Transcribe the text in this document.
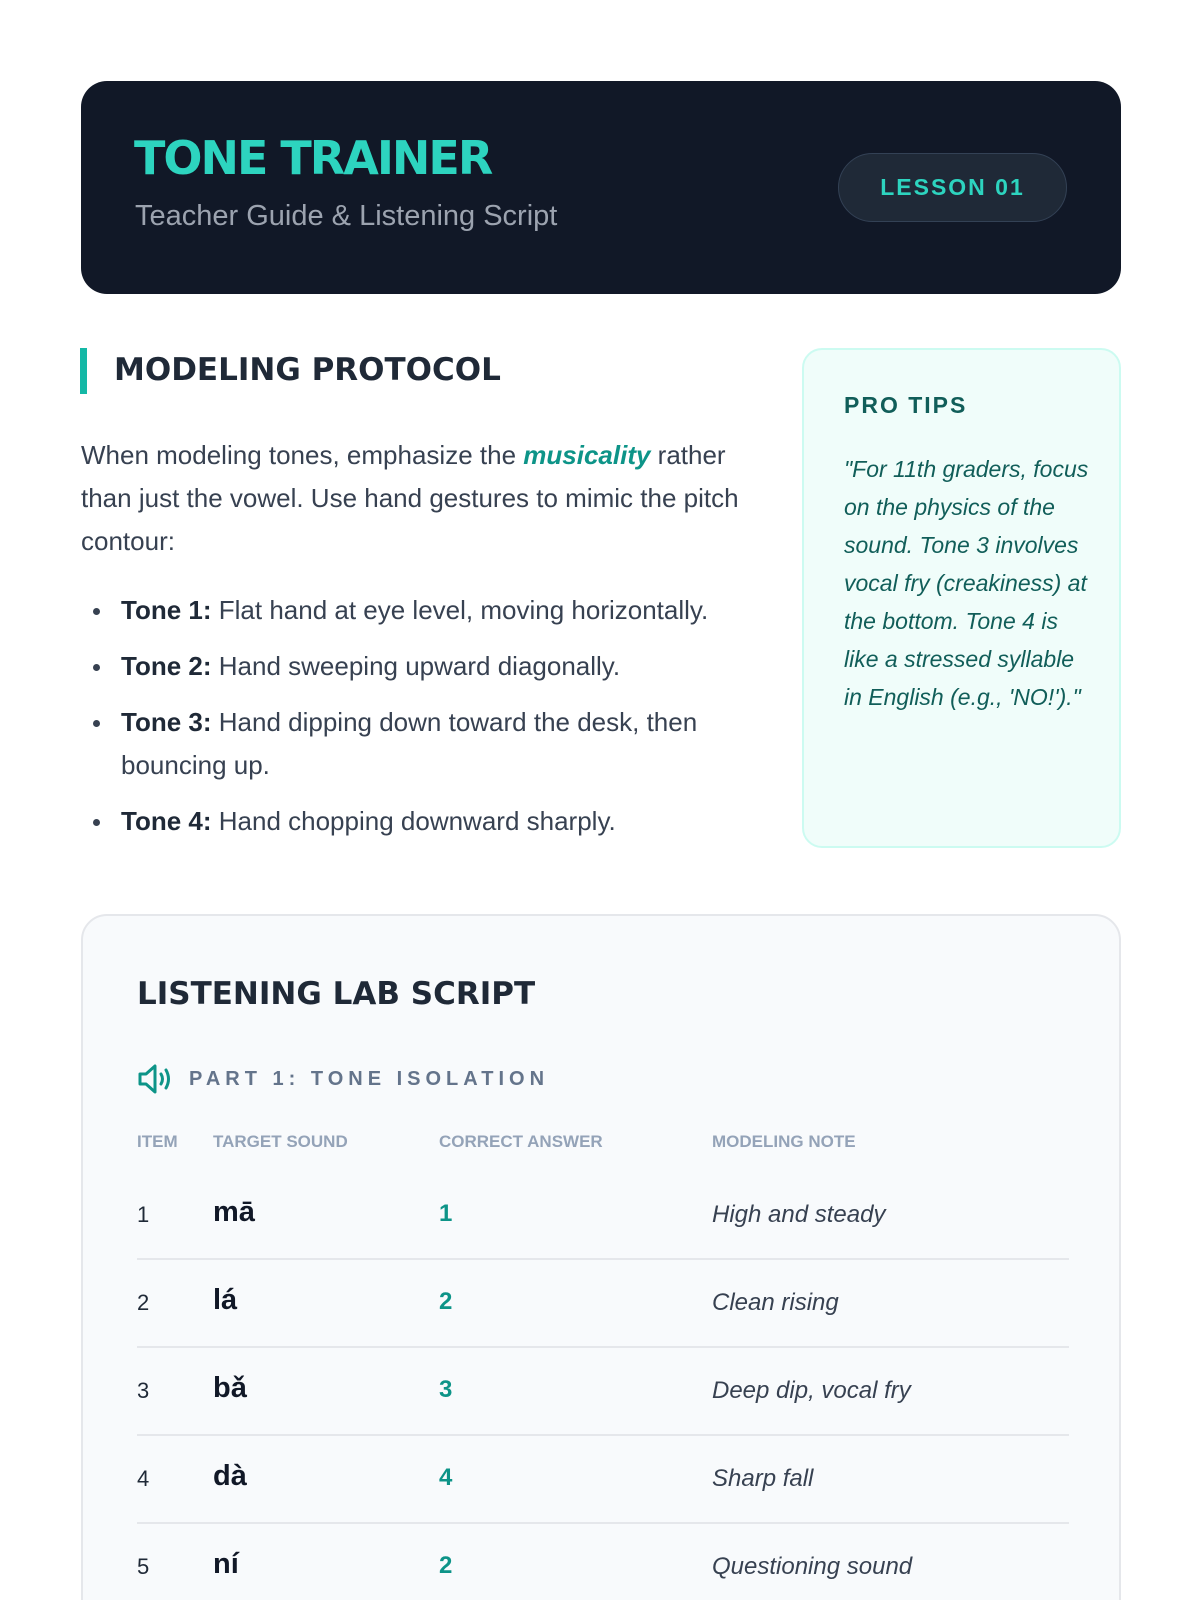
TONE TRAINER
Teacher Guide & Listening Script
LESSON 01
MODELING PROTOCOL

When modeling tones, emphasize the musicality rather than just the vowel. Use hand gestures to mimic the pitch contour:

Tone 1: Flat hand at eye level, moving horizontally.
Tone 2: Hand sweeping upward diagonally.
Tone 3: Hand dipping down toward the desk, then bouncing up.
Tone 4: Hand chopping downward sharply.
PRO TIPS
"For 11th graders, focus on the physics of the sound. Tone 3 involves vocal fry (creakiness) at the bottom. Tone 4 is like a stressed syllable in English (e.g., 'NO!')."
LISTENING LAB SCRIPT
PART 1: TONE ISOLATION
ITEM TARGET SOUND	CORRECT ANSWER	MODELING NOTE
1 mā	1	High and steady
2 lá	2	Clean rising
3 bǎ	3	Deep dip, vocal fry
4 dà	4	Sharp fall
5 ní	2	Questioning sound
